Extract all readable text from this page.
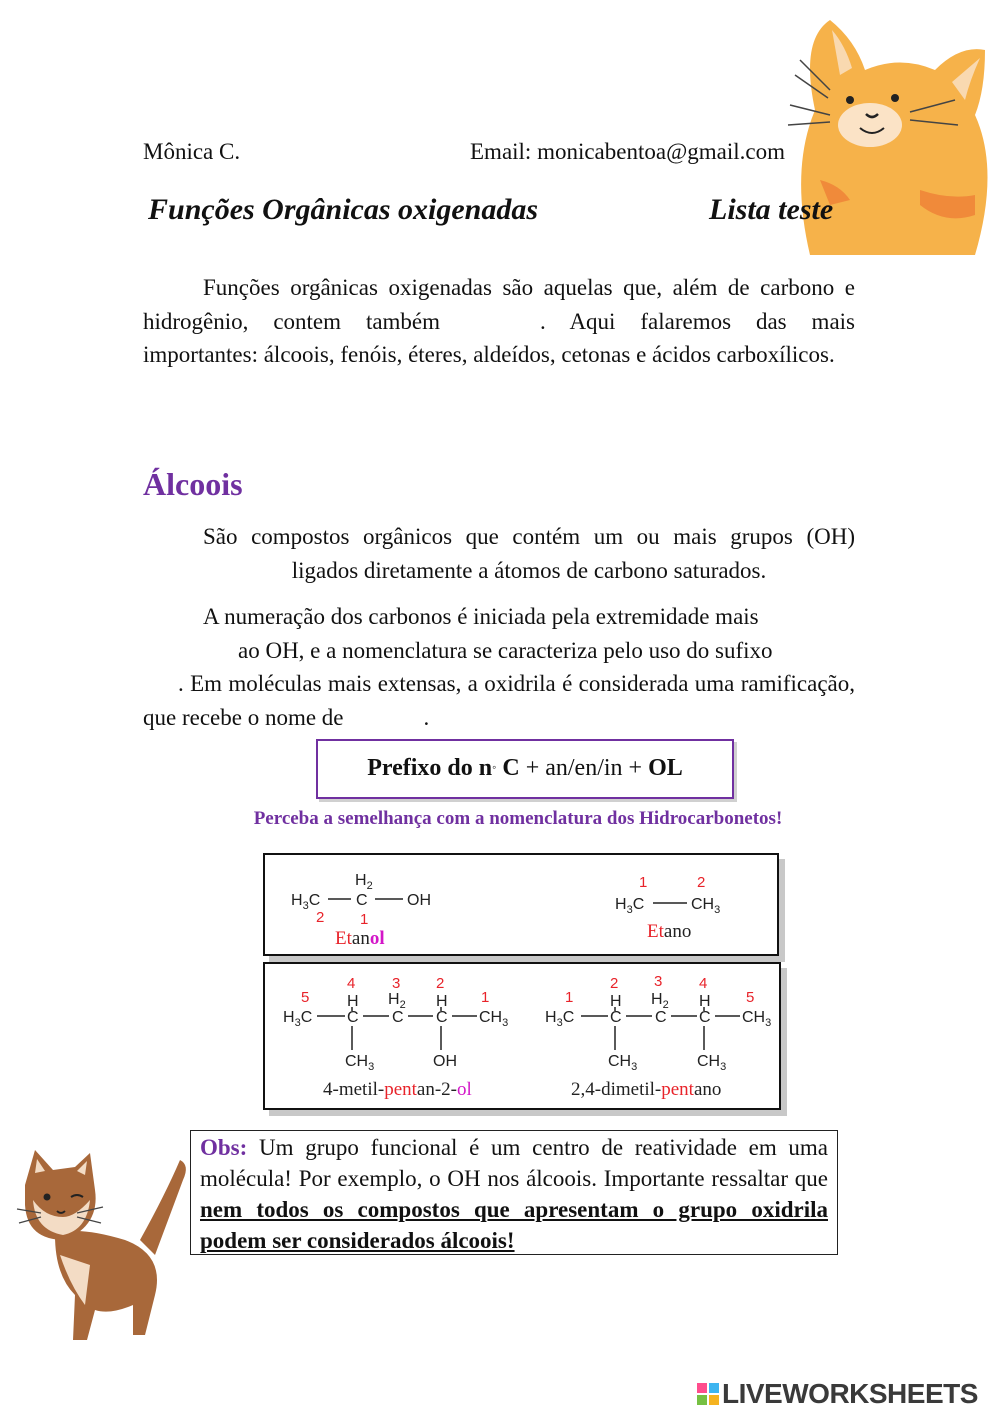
Mônica C.	Email: monicabentoa@gmail.com
Funções Orgânicas oxigenadas	Lista teste
Funções orgânicas oxigenadas são aquelas que, além de carbono e hidrogênio, contem também	. Aqui falaremos das mais importantes: álcoois, fenóis, éteres, aldeídos, cetonas e ácidos carboxílicos.
Álcoois
São compostos orgânicos que contém um ou mais grupos (OH) ligados diretamente a átomos de carbono saturados.
A numeração dos carbonos é iniciada pela extremidade mais
ao OH, e a nomenclatura se caracteriza pelo uso do sufixo
. Em moléculas mais extensas, a oxidrila é considerada uma ramificação, que recebe o nome de	.
Prefixo do n◦ C + an/en/in + OL
Perceba a semelhança com a nomenclatura dos Hidrocarbonetos!
$H_3C$
$H_2$
C OH
2 1
Etanol
1	2
$H_3C$	$CH_3$
Etano
5
4 3 2
1
$H_3C$
H
C
$H_2$
C
H
C $CH_3$
$CH_3$	OH
4-metil-pentan-2-ol
1
2 3 4
5
$H_3C$
H
C
$H_2$
C
H
C $CH_3$
$CH_3$	$CH_3$
2,4-dimetil-pentano
Obs: Um grupo funcional é um centro de reatividade em uma molécula! Por exemplo, o OH nos álcoois. Importante ressaltar que nem todos os compostos que apresentam o grupo oxidrila podem ser considerados álcoois!
LIVEWORKSHEETS
